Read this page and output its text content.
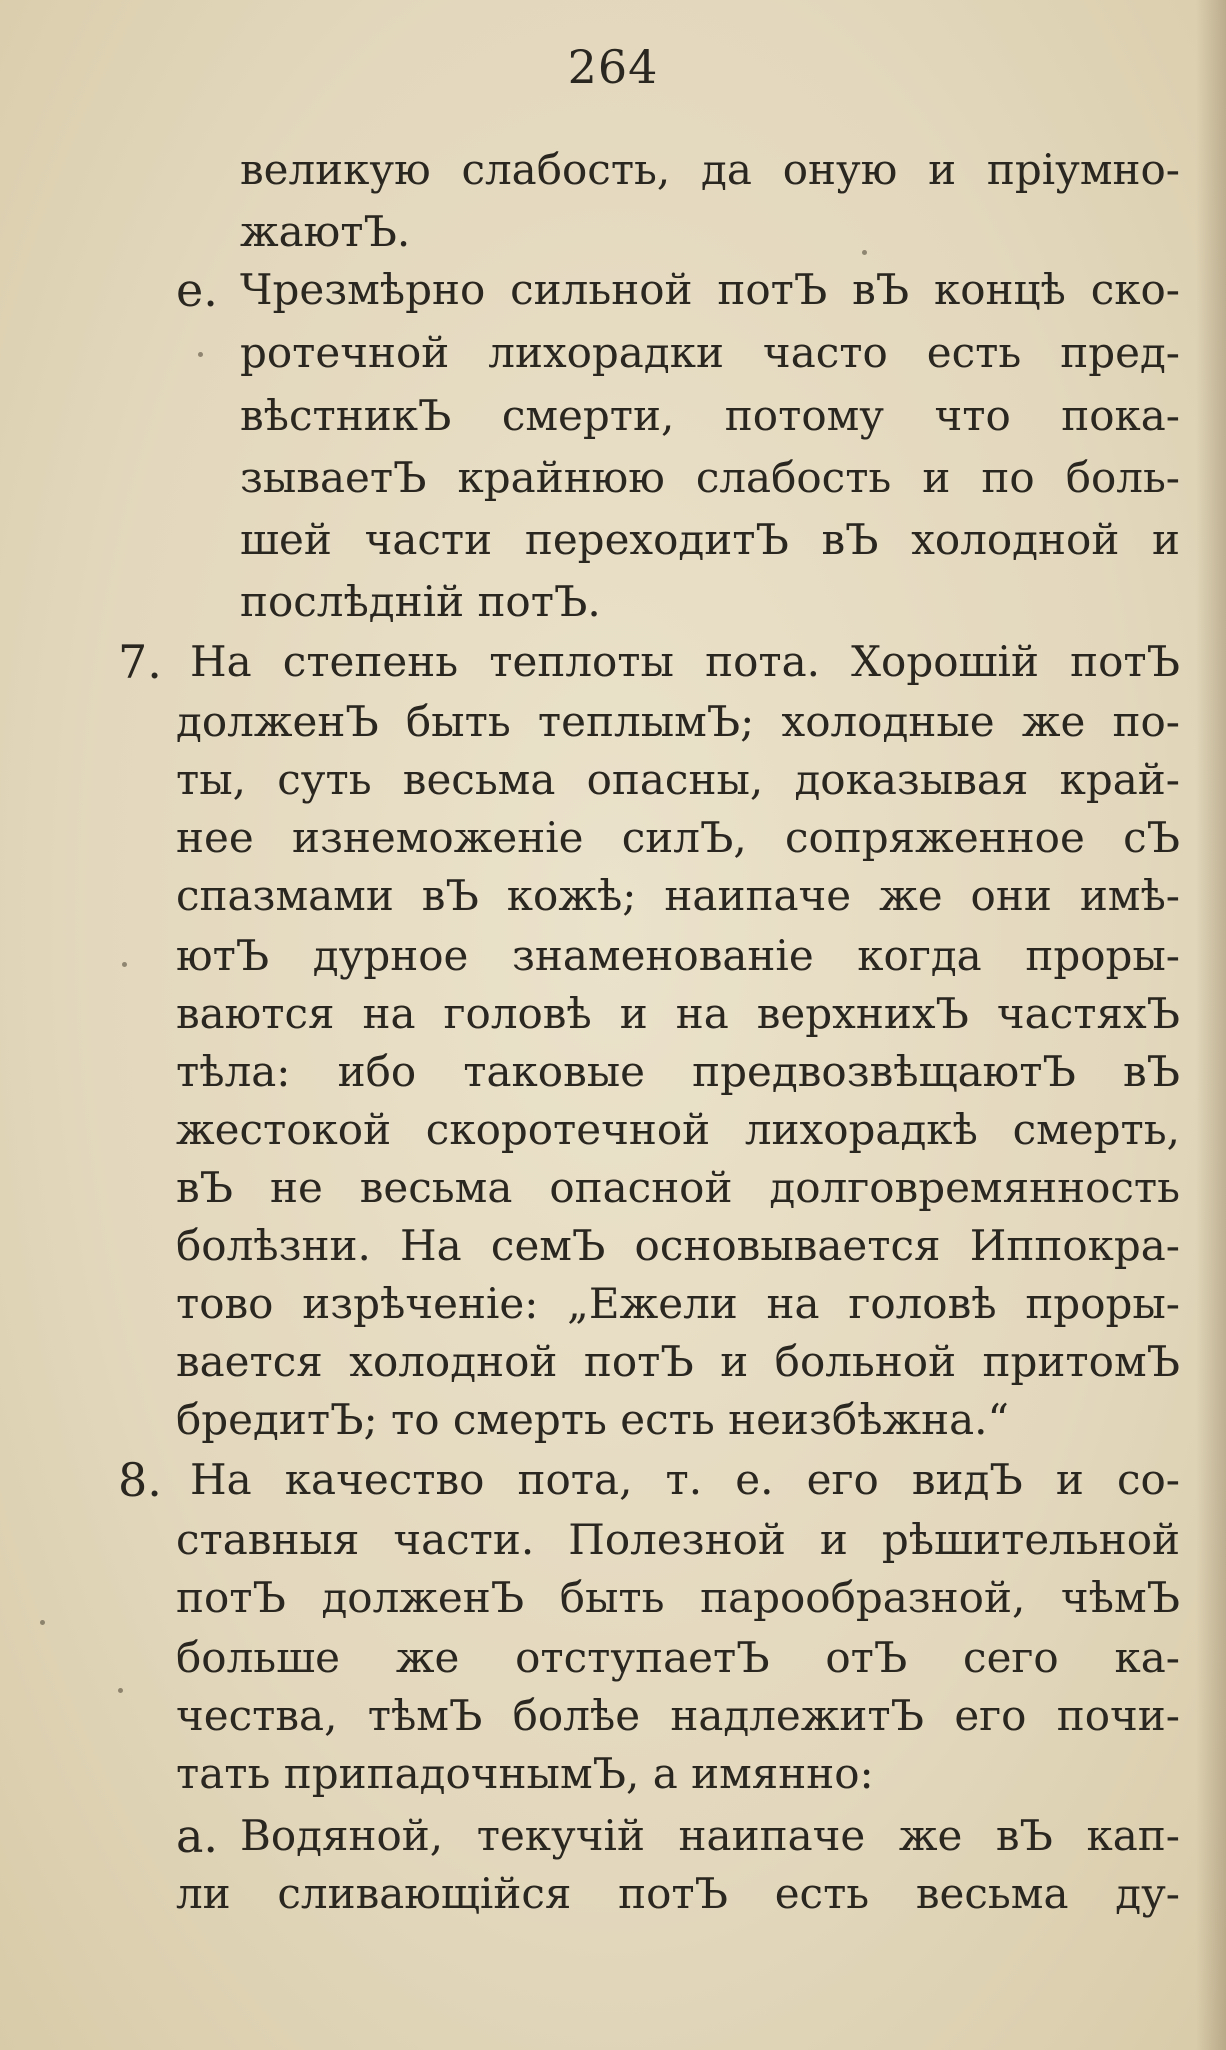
264
великую слабость, да оную и пріумно-
жаютЪ.
е. Чрезмѣрно сильной потЪ вЪ концѣ ско-
ротечной лихорадки часто есть пред-
вѣстникЪ смерти, потому что пока-
зываетЪ крайнюю слабость и по боль-
шей части переходитЪ вЪ холодной и
послѣдній потЪ.
7. На степень теплоты пота. Хорошій потЪ
долженЪ быть теплымЪ; холодные же по-
ты, суть весьма опасны, доказывая край-
нее изнеможеніе силЪ, сопряженное сЪ
спазмами вЪ кожѣ; наипаче же они имѣ-
ютЪ дурное знаменованіе когда проры-
ваются на головѣ и на верхнихЪ частяхЪ
тѣла: ибо таковые предвозвѣщаютЪ вЪ
жестокой скоротечной лихорадкѣ смерть,
вЪ не весьма опасной долговремянность
болѣзни. На семЪ основывается Иппокра-
тово изрѣченіе: „Ежели на головѣ проры-
вается холодной потЪ и больной притомЪ
бредитЪ; то смерть есть неизбѣжна.“
8. На качество пота, т. е. его видЪ и со-
ставныя части. Полезной и рѣшительной
потЪ долженЪ быть парообразной, чѣмЪ
больше же отступаетЪ отЪ сего ка-
чества, тѣмЪ болѣе надлежитЪ его почи-
тать припадочнымЪ, а имянно:
а. Водяной, текучій наипаче же вЪ кап-
ли сливающійся потЪ есть весьма ду-
